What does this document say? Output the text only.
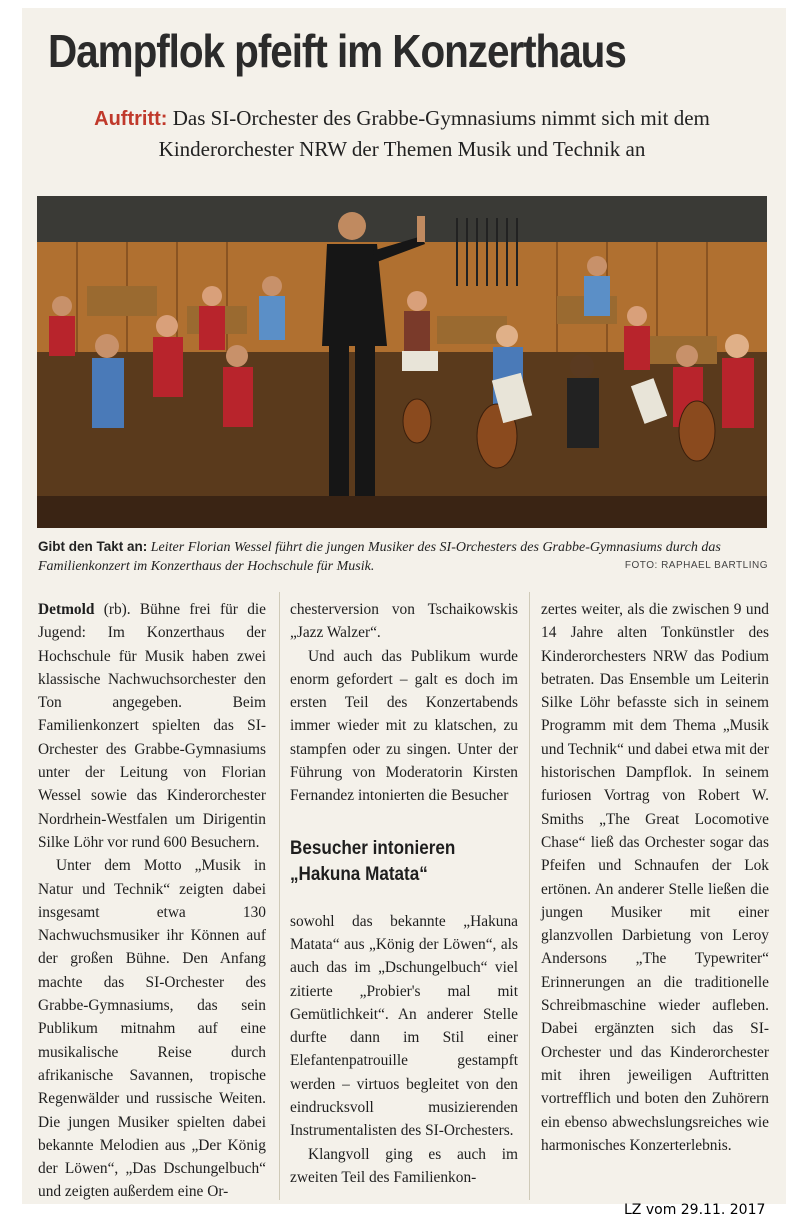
Dampflok pfeift im Konzerthaus
Auftritt: Das SI-Orchester des Grabbe-Gymnasiums nimmt sich mit dem Kinderorchester NRW der Themen Musik und Technik an
Gibt den Takt an: Leiter Florian Wessel führt die jungen Musiker des SI-Orchesters des Grabbe-Gymnasiums durch das Familienkonzert im Konzerthaus der Hochschule für Musik.	FOTO: RAPHAEL BARTLING

Detmold (rb). Bühne frei für die Jugend: Im Konzerthaus der Hochschule für Musik haben zwei klassische Nachwuchsorchester den Ton angegeben. Beim Familienkonzert spielten das SI-Orchester des Grabbe-Gymnasiums unter der Leitung von Florian Wessel sowie das Kinderorchester Nordrhein-Westfalen um Dirigentin Silke Löhr vor rund 600 Besuchern.

Unter dem Motto „Musik in Natur und Technik“ zeigten dabei insgesamt etwa 130 Nachwuchsmusiker ihr Können auf der großen Bühne. Den Anfang machte das SI-Orchester des Grabbe-Gymnasiums, das sein Publikum mitnahm auf eine musikalische Reise durch afrikanische Savannen, tropische Regenwälder und russische Weiten. Die jungen Musiker spielten dabei bekannte Melodien aus „Der König der Löwen“, „Das Dschungelbuch“ und zeigten außerdem eine Or-

chesterversion von Tschaikowskis „Jazz Walzer“.

Und auch das Publikum wurde enorm gefordert – galt es doch im ersten Teil des Konzertabends immer wieder mit zu klatschen, zu stampfen oder zu singen. Unter der Führung von Moderatorin Kirsten Fernandez intonierten die Besucher

Besucher intonieren
„Hakuna Matata“

sowohl das bekannte „Hakuna Matata“ aus „König der Löwen“, als auch das im „Dschungelbuch“ viel zitierte „Probier's mal mit Gemütlichkeit“. An anderer Stelle durfte dann im Stil einer Elefantenpatrouille gestampft werden – virtuos begleitet von den eindrucksvoll musizierenden Instrumentalisten des SI-Orchesters.

Klangvoll ging es auch im zweiten Teil des Familienkon-

zertes weiter, als die zwischen 9 und 14 Jahre alten Tonkünstler des Kinderorchesters NRW das Podium betraten. Das Ensemble um Leiterin Silke Löhr befasste sich in seinem Programm mit dem Thema „Musik und Technik“ und dabei etwa mit der historischen Dampflok. In seinem furiosen Vortrag von Robert W. Smiths „The Great Locomotive Chase“ ließ das Orchester sogar das Pfeifen und Schnaufen der Lok ertönen. An anderer Stelle ließen die jungen Musiker mit einer glanzvollen Darbietung von Leroy Andersons „The Typewriter“ Erinnerungen an die traditionelle Schreibmaschine wieder aufleben. Dabei ergänzten sich das SI-Orchester und das Kinderorchester mit ihren jeweiligen Auftritten vortrefflich und boten den Zuhörern ein ebenso abwechslungsreiches wie harmonisches Konzerterlebnis.

LZ vom 29.11. 2017
